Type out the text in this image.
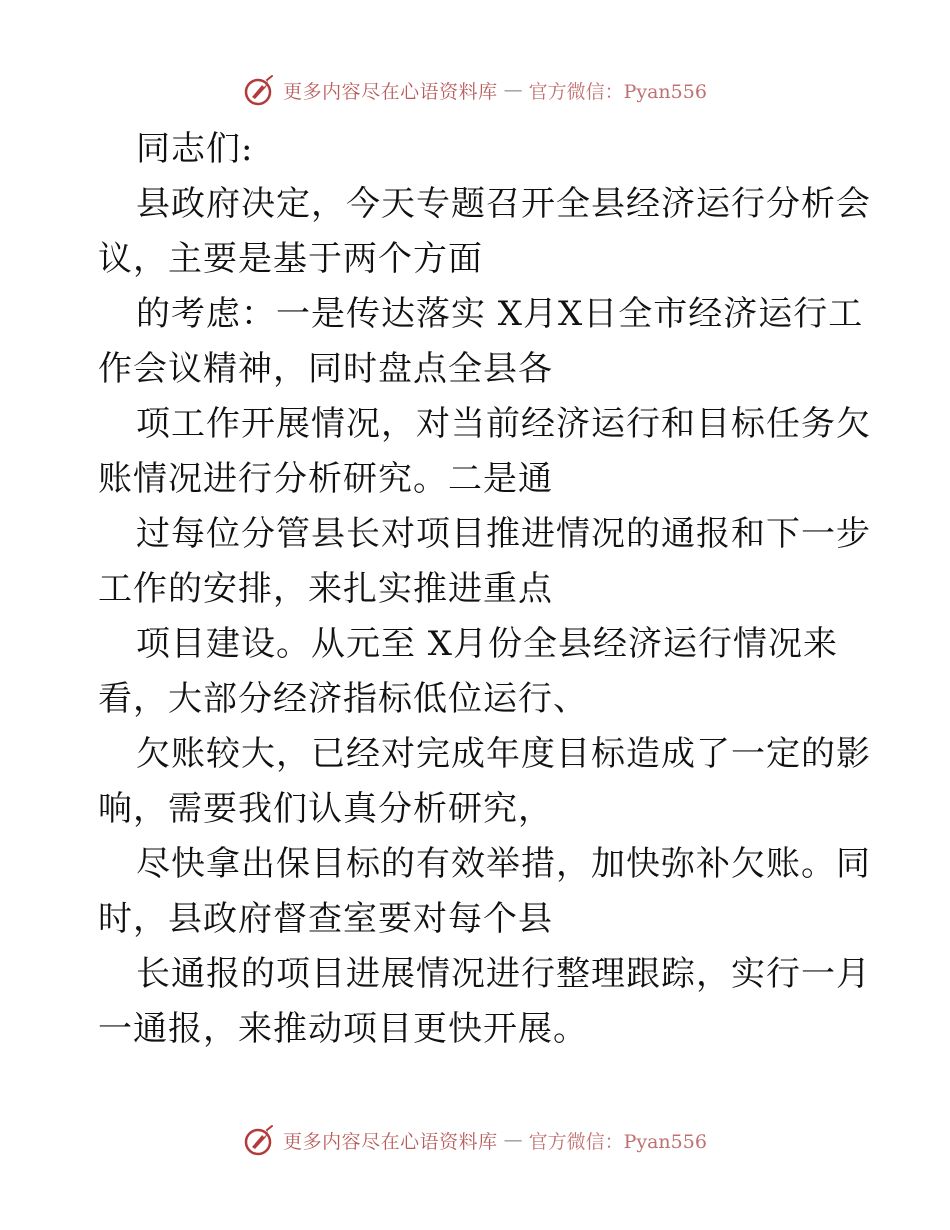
更多内容尽在心语资料库 — 官方微信：Pyan556
同志们:
县政府决定，今天专题召开全县经济运行分析会
议，主要是基于两个方面
的考虑：一是传达落实 X月X日全市经济运行工
作会议精神，同时盘点全县各
项工作开展情况，对当前经济运行和目标任务欠
账情况进行分析研究。二是通
过每位分管县长对项目推进情况的通报和下一步
工作的安排，来扎实推进重点
项目建设。从元至 X月份全县经济运行情况来
看，大部分经济指标低位运行、
欠账较大，已经对完成年度目标造成了一定的影
响，需要我们认真分析研究，
尽快拿出保目标的有效举措，加快弥补欠账。同
时，县政府督查室要对每个县
长通报的项目进展情况进行整理跟踪，实行一月
一通报，来推动项目更快开展。
更多内容尽在心语资料库 — 官方微信：Pyan556
